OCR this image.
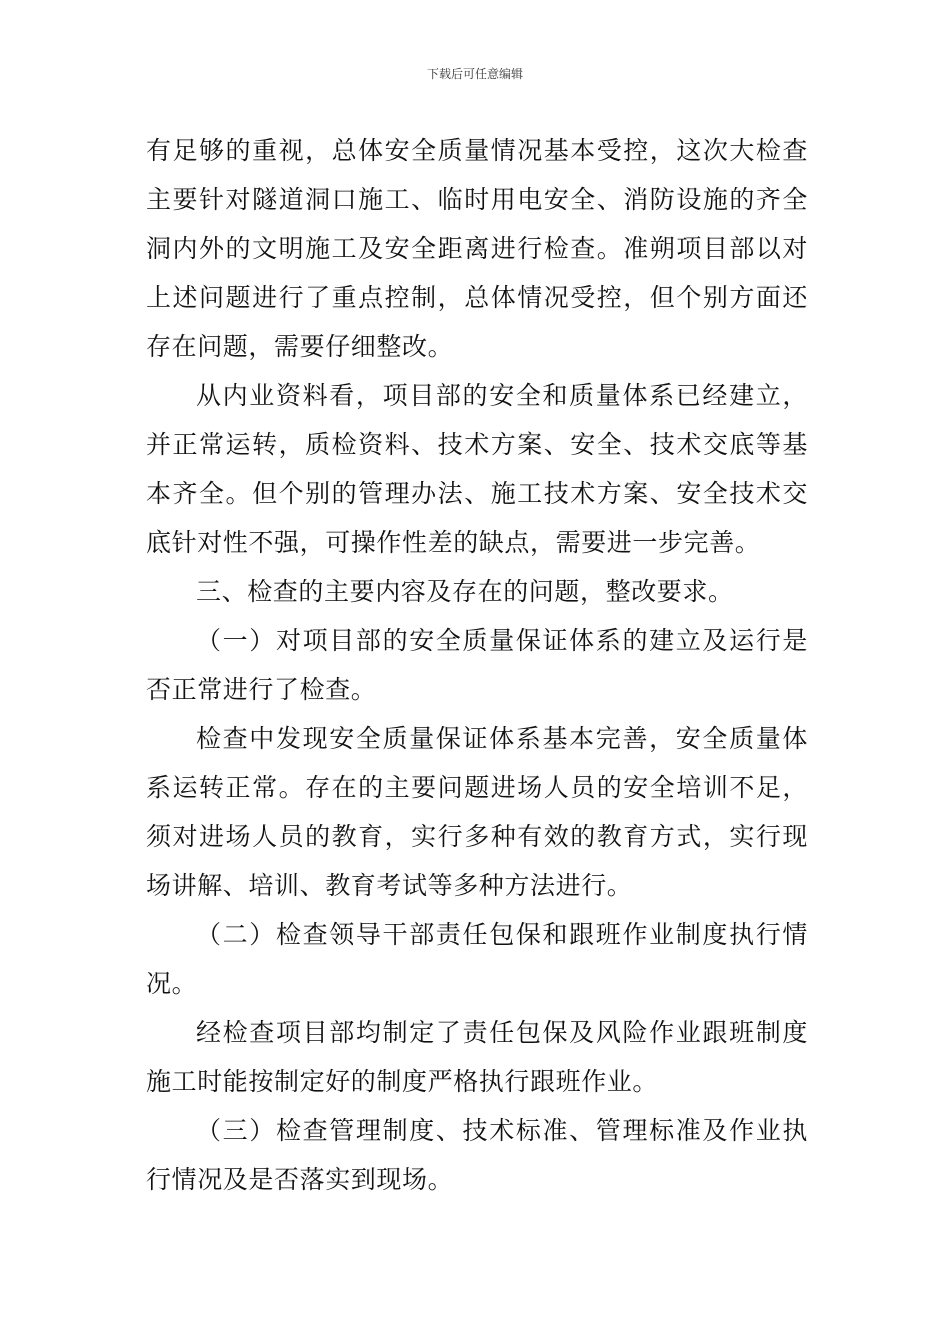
下载后可任意编辑

有足够的重视，总体安全质量情况基本受控，这次大检查主要针对隧道洞口施工、临时用电安全、消防设施的齐全洞内外的文明施工及安全距离进行检查。准朔项目部以对上述问题进行了重点控制，总体情况受控，但个别方面还存在问题，需要仔细整改。

从内业资料看，项目部的安全和质量体系已经建立，并正常运转，质检资料、技术方案、安全、技术交底等基本齐全。但个别的管理办法、施工技术方案、安全技术交底针对性不强，可操作性差的缺点，需要进一步完善。

三、检查的主要内容及存在的问题，整改要求。

（一）对项目部的安全质量保证体系的建立及运行是否正常进行了检查。

检查中发现安全质量保证体系基本完善，安全质量体系运转正常。存在的主要问题进场人员的安全培训不足，须对进场人员的教育，实行多种有效的教育方式，实行现场讲解、培训、教育考试等多种方法进行。

（二）检查领导干部责任包保和跟班作业制度执行情况。

经检查项目部均制定了责任包保及风险作业跟班制度施工时能按制定好的制度严格执行跟班作业。

（三）检查管理制度、技术标准、管理标准及作业执行情况及是否落实到现场。
